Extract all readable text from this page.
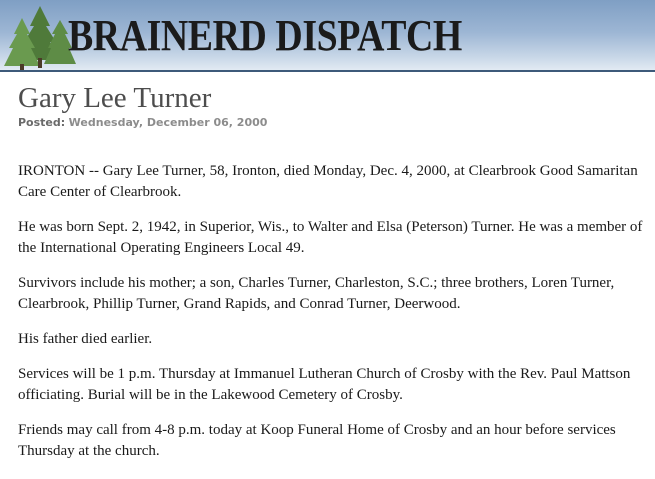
BRAINERD DISPATCH
Gary Lee Turner
Posted: Wednesday, December 06, 2000

IRONTON -- Gary Lee Turner, 58, Ironton, died Monday, Dec. 4, 2000, at Clearbrook Good Samaritan Care Center of Clearbrook.

He was born Sept. 2, 1942, in Superior, Wis., to Walter and Elsa (Peterson) Turner. He was a member of the International Operating Engineers Local 49.

Survivors include his mother; a son, Charles Turner, Charleston, S.C.; three brothers, Loren Turner, Clearbrook, Phillip Turner, Grand Rapids, and Conrad Turner, Deerwood.

His father died earlier.

Services will be 1 p.m. Thursday at Immanuel Lutheran Church of Crosby with the Rev. Paul Mattson officiating. Burial will be in the Lakewood Cemetery of Crosby.

Friends may call from 4-8 p.m. today at Koop Funeral Home of Crosby and an hour before services Thursday at the church.
